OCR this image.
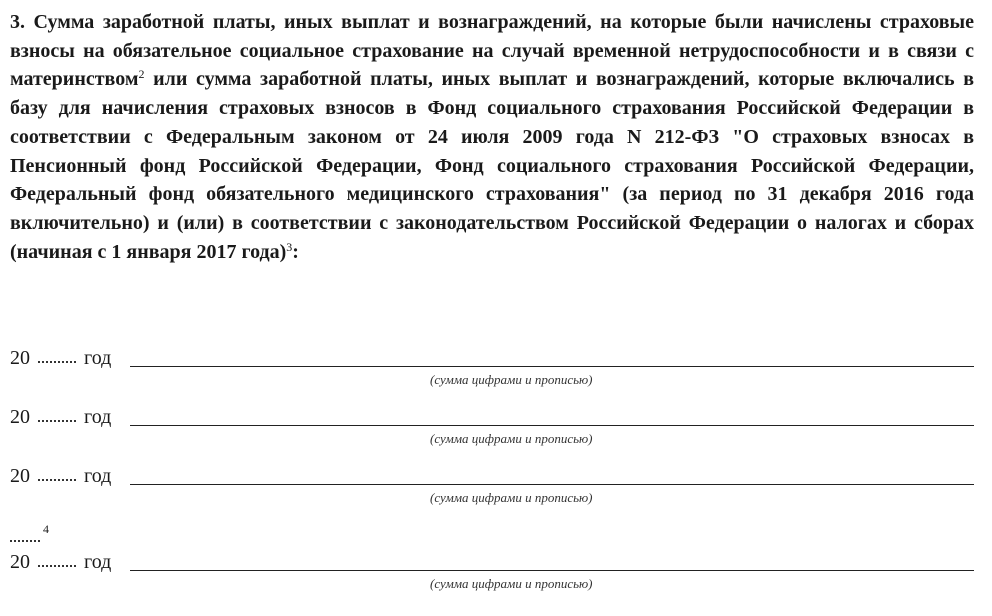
3. Сумма заработной платы, иных выплат и вознаграждений, на которые были начислены страховые взносы на обязательное социальное страхование на случай временной нетрудоспособности и в связи с материнством$^2$ или сумма заработной платы, иных выплат и вознаграждений, которые включались в базу для начисления страховых взносов в Фонд социального страхования Российской Федерации в соответствии с Федеральным законом от 24 июля 2009 года N 212-ФЗ "О страховых взносах в Пенсионный фонд Российской Федерации, Фонд социального страхования Российской Федерации, Федеральный фонд обязательного медицинского страхования" (за период по 31 декабря 2016 года включительно) и (или) в соответствии с законодательством Российской Федерации о налогах и сборах (начиная с 1 января 2017 года)$^3$:

20	год
(сумма цифрами и прописью)
20	год
(сумма цифрами и прописью)
20	год
(сумма цифрами и прописью)
4
20	год
(сумма цифрами и прописью)
